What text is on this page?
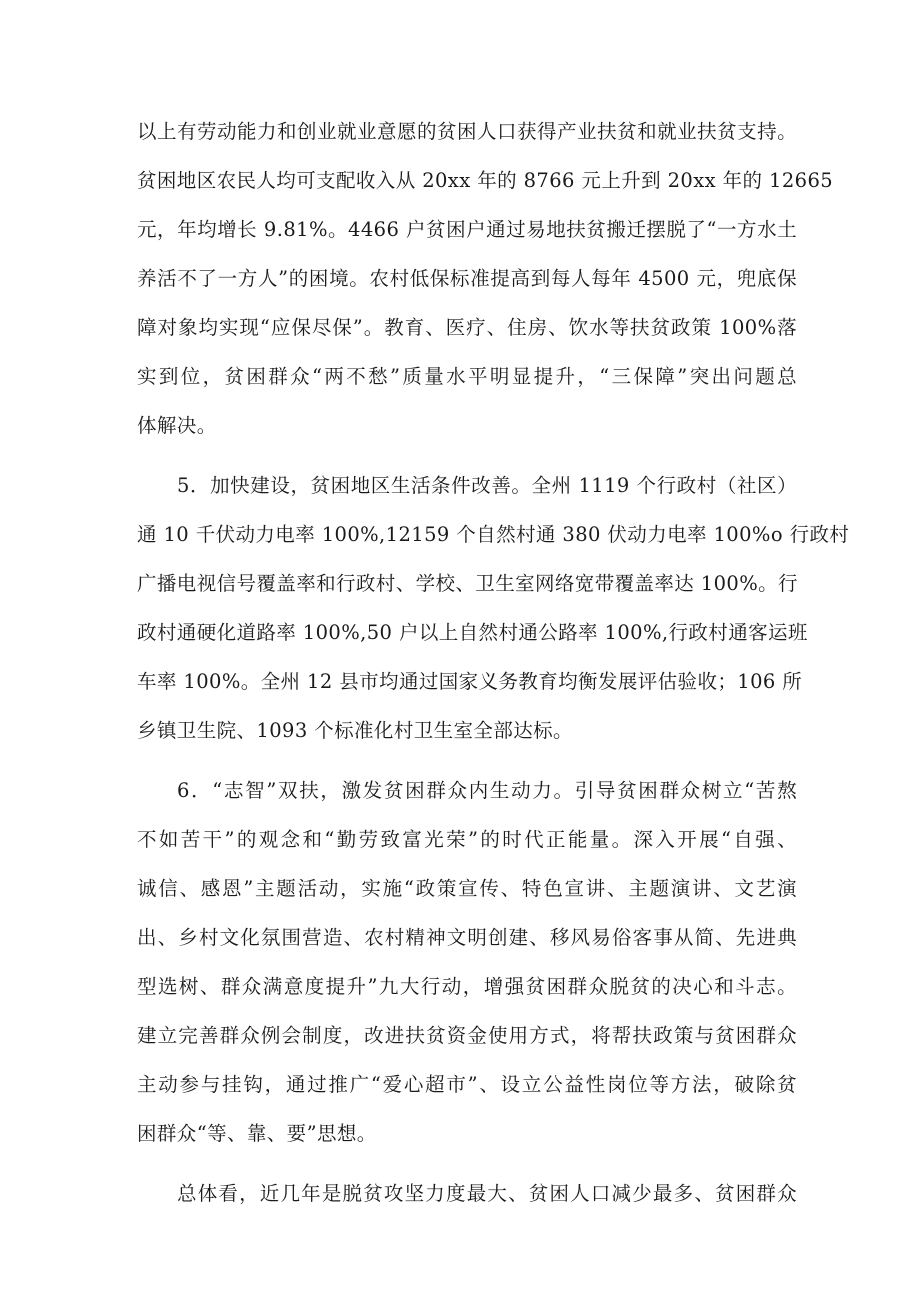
以上有劳动能力和创业就业意愿的贫困人口获得产业扶贫和就业扶贫支持。
贫困地区农民人均可支配收入从 20xx 年的 8766 元上升到 20xx 年的 12665
元，年均增长 9.81%。4466 户贫困户通过易地扶贫搬迁摆脱了“一方水土
养活不了一方人”的困境。农村低保标准提高到每人每年 4500 元，兜底保
障对象均实现“应保尽保”。教育、医疗、住房、饮水等扶贫政策 100%落
实到位，贫困群众“两不愁”质量水平明显提升，“三保障”突出问题总
体解决。
5．加快建设，贫困地区生活条件改善。全州 1119 个行政村（社区）
通 10 千伏动力电率 100%,12159 个自然村通 380 伏动力电率 100%o 行政村
广播电视信号覆盖率和行政村、学校、卫生室网络宽带覆盖率达 100%。行
政村通硬化道路率 100%,50 户以上自然村通公路率 100%,行政村通客运班
车率 100%。全州 12 县市均通过国家义务教育均衡发展评估验收；106 所
乡镇卫生院、1093 个标准化村卫生室全部达标。
6．“志智”双扶，激发贫困群众内生动力。引导贫困群众树立“苦熬
不如苦干”的观念和“勤劳致富光荣”的时代正能量。深入开展“自强、
诚信、感恩”主题活动，实施“政策宣传、特色宣讲、主题演讲、文艺演
出、乡村文化氛围营造、农村精神文明创建、移风易俗客事从简、先进典
型选树、群众满意度提升”九大行动，增强贫困群众脱贫的决心和斗志。
建立完善群众例会制度，改进扶贫资金使用方式，将帮扶政策与贫困群众
主动参与挂钩，通过推广“爱心超市”、设立公益性岗位等方法，破除贫
困群众“等、靠、要”思想。
总体看，近几年是脱贫攻坚力度最大、贫困人口减少最多、贫困群众
